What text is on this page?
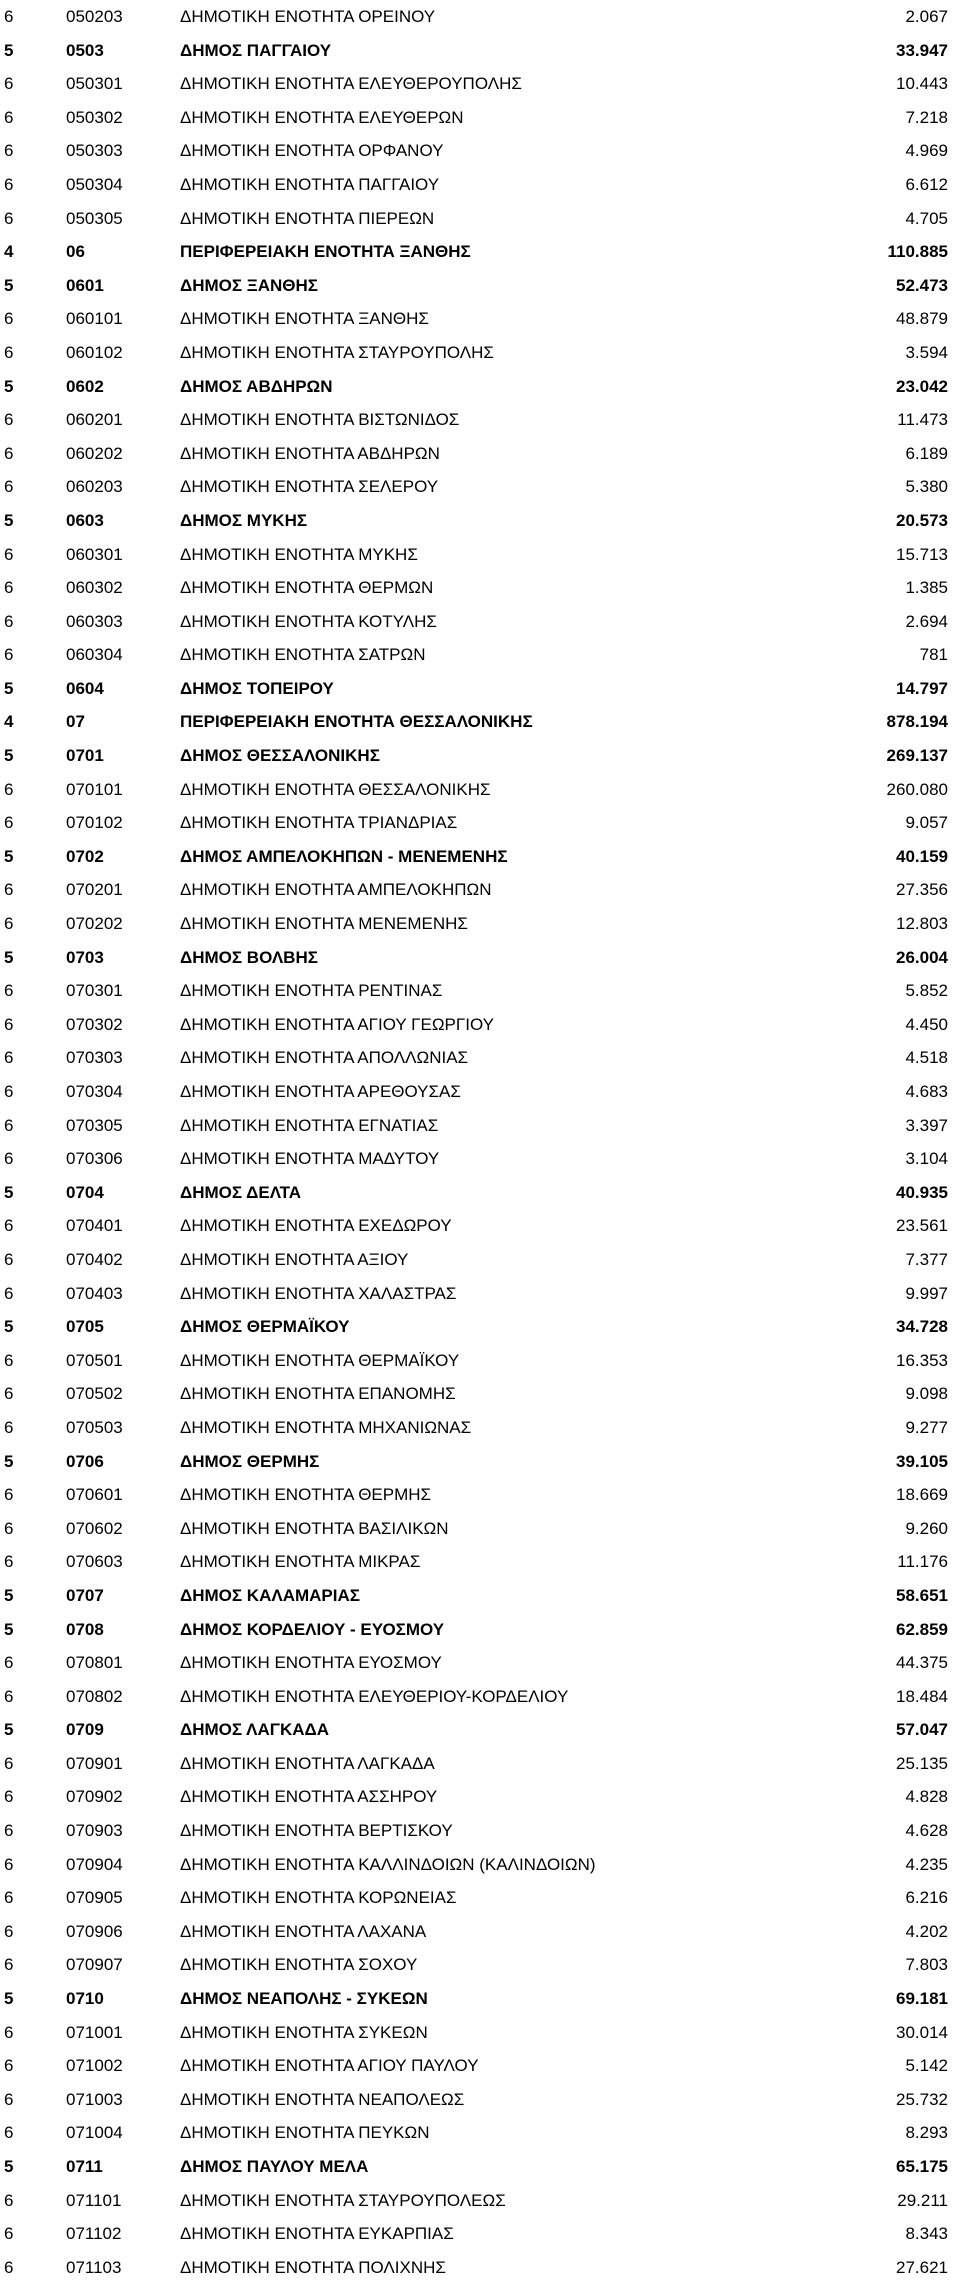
6	050203	ΔΗΜΟΤΙΚΗ ΕΝΟΤΗΤΑ ΟΡΕΙΝΟΥ	2.067
5	0503	ΔΗΜΟΣ ΠΑΓΓΑΙΟΥ	33.947
6	050301	ΔΗΜΟΤΙΚΗ ΕΝΟΤΗΤΑ ΕΛΕΥΘΕΡΟΥΠΟΛΗΣ	10.443
6	050302	ΔΗΜΟΤΙΚΗ ΕΝΟΤΗΤΑ ΕΛΕΥΘΕΡΩΝ	7.218
6	050303	ΔΗΜΟΤΙΚΗ ΕΝΟΤΗΤΑ ΟΡΦΑΝΟΥ	4.969
6	050304	ΔΗΜΟΤΙΚΗ ΕΝΟΤΗΤΑ ΠΑΓΓΑΙΟΥ	6.612
6	050305	ΔΗΜΟΤΙΚΗ ΕΝΟΤΗΤΑ ΠΙΕΡΕΩΝ	4.705
4	06	ΠΕΡΙΦΕΡΕΙΑΚΗ ΕΝΟΤΗΤΑ ΞΑΝΘΗΣ	110.885
5	0601	ΔΗΜΟΣ ΞΑΝΘΗΣ	52.473
6	060101	ΔΗΜΟΤΙΚΗ ΕΝΟΤΗΤΑ ΞΑΝΘΗΣ	48.879
6	060102	ΔΗΜΟΤΙΚΗ ΕΝΟΤΗΤΑ ΣΤΑΥΡΟΥΠΟΛΗΣ	3.594
5	0602	ΔΗΜΟΣ ΑΒΔΗΡΩΝ	23.042
6	060201	ΔΗΜΟΤΙΚΗ ΕΝΟΤΗΤΑ ΒΙΣΤΩΝΙΔΟΣ	11.473
6	060202	ΔΗΜΟΤΙΚΗ ΕΝΟΤΗΤΑ ΑΒΔΗΡΩΝ	6.189
6	060203	ΔΗΜΟΤΙΚΗ ΕΝΟΤΗΤΑ ΣΕΛΕΡΟΥ	5.380
5	0603	ΔΗΜΟΣ ΜΥΚΗΣ	20.573
6	060301	ΔΗΜΟΤΙΚΗ ΕΝΟΤΗΤΑ ΜΥΚΗΣ	15.713
6	060302	ΔΗΜΟΤΙΚΗ ΕΝΟΤΗΤΑ ΘΕΡΜΩΝ	1.385
6	060303	ΔΗΜΟΤΙΚΗ ΕΝΟΤΗΤΑ ΚΟΤΥΛΗΣ	2.694
6	060304	ΔΗΜΟΤΙΚΗ ΕΝΟΤΗΤΑ ΣΑΤΡΩΝ	781
5	0604	ΔΗΜΟΣ ΤΟΠΕΙΡΟΥ	14.797
4	07	ΠΕΡΙΦΕΡΕΙΑΚΗ ΕΝΟΤΗΤΑ ΘΕΣΣΑΛΟΝΙΚΗΣ	878.194
5	0701	ΔΗΜΟΣ ΘΕΣΣΑΛΟΝΙΚΗΣ	269.137
6	070101	ΔΗΜΟΤΙΚΗ ΕΝΟΤΗΤΑ ΘΕΣΣΑΛΟΝΙΚΗΣ	260.080
6	070102	ΔΗΜΟΤΙΚΗ ΕΝΟΤΗΤΑ ΤΡΙΑΝΔΡΙΑΣ	9.057
5	0702	ΔΗΜΟΣ ΑΜΠΕΛΟΚΗΠΩΝ - ΜΕΝΕΜΕΝΗΣ	40.159
6	070201	ΔΗΜΟΤΙΚΗ ΕΝΟΤΗΤΑ ΑΜΠΕΛΟΚΗΠΩΝ	27.356
6	070202	ΔΗΜΟΤΙΚΗ ΕΝΟΤΗΤΑ ΜΕΝΕΜΕΝΗΣ	12.803
5	0703	ΔΗΜΟΣ ΒΟΛΒΗΣ	26.004
6	070301	ΔΗΜΟΤΙΚΗ ΕΝΟΤΗΤΑ ΡΕΝΤΙΝΑΣ	5.852
6	070302	ΔΗΜΟΤΙΚΗ ΕΝΟΤΗΤΑ ΑΓΙΟΥ ΓΕΩΡΓΙΟΥ	4.450
6	070303	ΔΗΜΟΤΙΚΗ ΕΝΟΤΗΤΑ ΑΠΟΛΛΩΝΙΑΣ	4.518
6	070304	ΔΗΜΟΤΙΚΗ ΕΝΟΤΗΤΑ ΑΡΕΘΟΥΣΑΣ	4.683
6	070305	ΔΗΜΟΤΙΚΗ ΕΝΟΤΗΤΑ ΕΓΝΑΤΙΑΣ	3.397
6	070306	ΔΗΜΟΤΙΚΗ ΕΝΟΤΗΤΑ ΜΑΔΥΤΟΥ	3.104
5	0704	ΔΗΜΟΣ ΔΕΛΤΑ	40.935
6	070401	ΔΗΜΟΤΙΚΗ ΕΝΟΤΗΤΑ ΕΧΕΔΩΡΟΥ	23.561
6	070402	ΔΗΜΟΤΙΚΗ ΕΝΟΤΗΤΑ ΑΞΙΟΥ	7.377
6	070403	ΔΗΜΟΤΙΚΗ ΕΝΟΤΗΤΑ ΧΑΛΑΣΤΡΑΣ	9.997
5	0705	ΔΗΜΟΣ ΘΕΡΜΑΪΚΟΥ	34.728
6	070501	ΔΗΜΟΤΙΚΗ ΕΝΟΤΗΤΑ ΘΕΡΜΑΪΚΟΥ	16.353
6	070502	ΔΗΜΟΤΙΚΗ ΕΝΟΤΗΤΑ ΕΠΑΝΟΜΗΣ	9.098
6	070503	ΔΗΜΟΤΙΚΗ ΕΝΟΤΗΤΑ ΜΗΧΑΝΙΩΝΑΣ	9.277
5	0706	ΔΗΜΟΣ ΘΕΡΜΗΣ	39.105
6	070601	ΔΗΜΟΤΙΚΗ ΕΝΟΤΗΤΑ ΘΕΡΜΗΣ	18.669
6	070602	ΔΗΜΟΤΙΚΗ ΕΝΟΤΗΤΑ ΒΑΣΙΛΙΚΩΝ	9.260
6	070603	ΔΗΜΟΤΙΚΗ ΕΝΟΤΗΤΑ ΜΙΚΡΑΣ	11.176
5	0707	ΔΗΜΟΣ ΚΑΛΑΜΑΡΙΑΣ	58.651
5	0708	ΔΗΜΟΣ ΚΟΡΔΕΛΙΟΥ - ΕΥΟΣΜΟΥ	62.859
6	070801	ΔΗΜΟΤΙΚΗ ΕΝΟΤΗΤΑ ΕΥΟΣΜΟΥ	44.375
6	070802	ΔΗΜΟΤΙΚΗ ΕΝΟΤΗΤΑ ΕΛΕΥΘΕΡΙΟΥ-ΚΟΡΔΕΛΙΟΥ	18.484
5	0709	ΔΗΜΟΣ ΛΑΓΚΑΔΑ	57.047
6	070901	ΔΗΜΟΤΙΚΗ ΕΝΟΤΗΤΑ ΛΑΓΚΑΔΑ	25.135
6	070902	ΔΗΜΟΤΙΚΗ ΕΝΟΤΗΤΑ ΑΣΣΗΡΟΥ	4.828
6	070903	ΔΗΜΟΤΙΚΗ ΕΝΟΤΗΤΑ ΒΕΡΤΙΣΚΟΥ	4.628
6	070904	ΔΗΜΟΤΙΚΗ ΕΝΟΤΗΤΑ ΚΑΛΛΙΝΔΟΙΩΝ (ΚΑΛΙΝΔΟΙΩΝ)	4.235
6	070905	ΔΗΜΟΤΙΚΗ ΕΝΟΤΗΤΑ ΚΟΡΩΝΕΙΑΣ	6.216
6	070906	ΔΗΜΟΤΙΚΗ ΕΝΟΤΗΤΑ ΛΑΧΑΝΑ	4.202
6	070907	ΔΗΜΟΤΙΚΗ ΕΝΟΤΗΤΑ ΣΟΧΟΥ	7.803
5	0710	ΔΗΜΟΣ ΝΕΑΠΟΛΗΣ - ΣΥΚΕΩΝ	69.181
6	071001	ΔΗΜΟΤΙΚΗ ΕΝΟΤΗΤΑ ΣΥΚΕΩΝ	30.014
6	071002	ΔΗΜΟΤΙΚΗ ΕΝΟΤΗΤΑ ΑΓΙΟΥ ΠΑΥΛΟΥ	5.142
6	071003	ΔΗΜΟΤΙΚΗ ΕΝΟΤΗΤΑ ΝΕΑΠΟΛΕΩΣ	25.732
6	071004	ΔΗΜΟΤΙΚΗ ΕΝΟΤΗΤΑ ΠΕΥΚΩΝ	8.293
5	0711	ΔΗΜΟΣ ΠΑΥΛΟΥ ΜΕΛΑ	65.175
6	071101	ΔΗΜΟΤΙΚΗ ΕΝΟΤΗΤΑ ΣΤΑΥΡΟΥΠΟΛΕΩΣ	29.211
6	071102	ΔΗΜΟΤΙΚΗ ΕΝΟΤΗΤΑ ΕΥΚΑΡΠΙΑΣ	8.343
6	071103	ΔΗΜΟΤΙΚΗ ΕΝΟΤΗΤΑ ΠΟΛΙΧΝΗΣ	27.621
